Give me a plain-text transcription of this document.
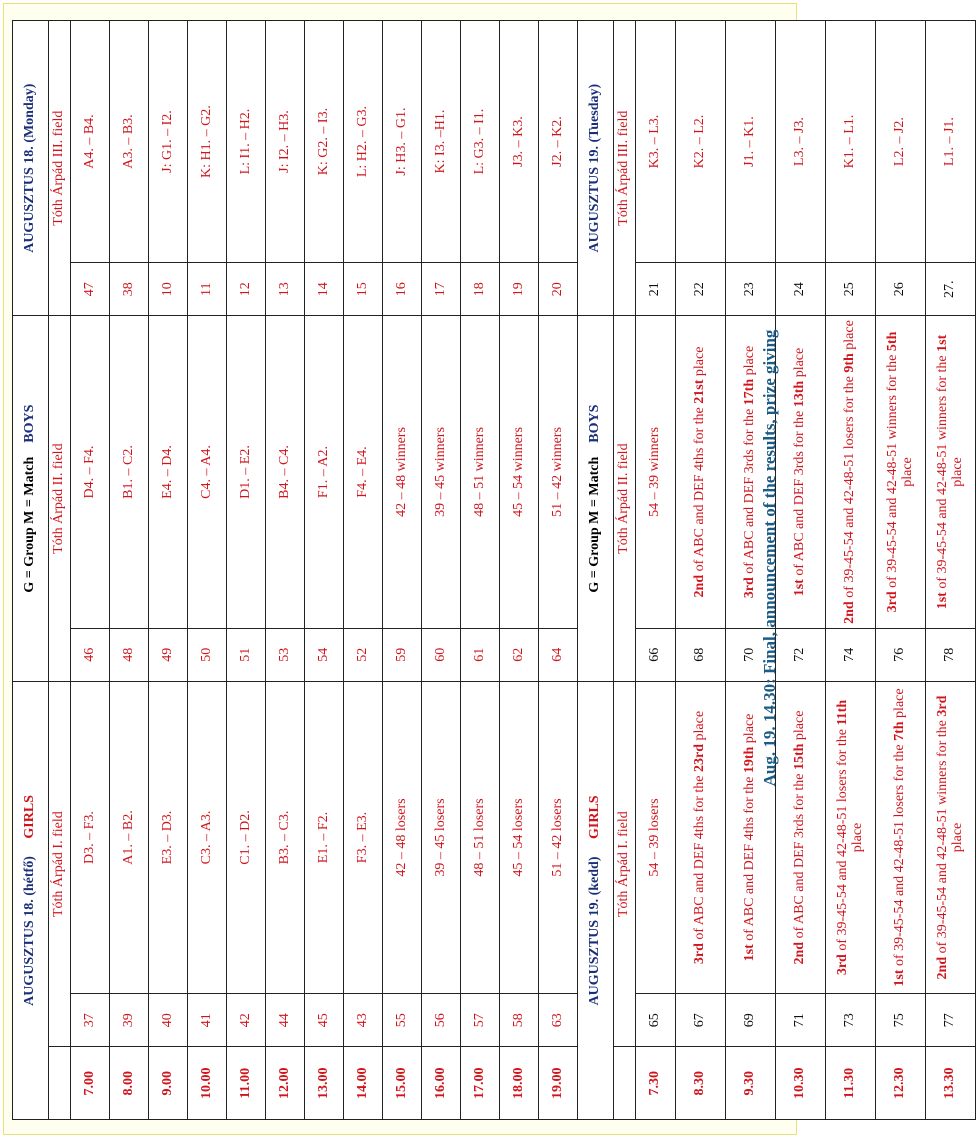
AUGUSZTUS 18. (hétfő)     GIRLS			G = Group M = Match    BOYS		AUGUSZTUS 18. (Monday)	
	Tóth Árpád I. field		Tóth Árpád II. field		Tóth Árpád III. field	
7.00	37	D3. – F3.	46	D4. – F4.	47	A4. – B4.
8.00	39	A1. – B2.	48	B1. – C2.	38	A3. – B3.
9.00	40	E3. – D3.	49	E4. – D4.	10	J: G1. – I2.
10.00	41	C3. – A3.	50	C4. – A4.	11	K: H1. – G2.
11.00	42	C1. – D2.	51	D1. – E2.	12	L: I1. – H2.
12.00	44	B3. – C3.	53	B4. – C4.	13	J: I2. – H3.
13.00	45	E1. – F2.	54	F1. – A2.	14	K: G2. – I3.
14.00	43	F3. – E3.	52	F4. – E4.	15	L: H2. – G3.
15.00	55	42 – 48 losers	59	42 – 48 winners	16	J: H3. – G1.
16.00	56	39 – 45 losers	60	39 – 45 winners	17	K: I3. –H1.
17.00	57	48 – 51 losers	61	48 – 51 winners	18	L: G3. – I1.
18.00	58	45 – 54 losers	62	45 – 54 winners	19	J3. – K3.
19.00	63	51 – 42 losers	64	51 – 42 winners	20	J2. – K2.
AUGUSZTUS 19. (kedd)     GIRLS			G = Group M = Match    BOYS		AUGUSZTUS 19. (Tuesday)	
	Tóth Árpád I. field		Tóth Árpád II. field		Tóth Árpád III. field	
7.30	65	54 – 39 losers	66	54 – 39 winners	21	K3. – L3.
8.30	67	3rd of ABC and DEF 4ths for the 23rd place	68	2nd of ABC and DEF 4ths for the 21st place	22	K2. – L2.
9.30	69	1st of ABC and DEF 4ths for the 19th place	70	3rd of ABC and DEF 3rds for the 17th place	23	J1. – K1.
10.30	71	2nd of ABC and DEF 3rds for the 15th place	72	1st of ABC and DEF 3rds for the 13th place	24	L3. – J3.
11.30	73	3rd of 39-45-54 and 42-48-51 losers for the 11th place	74	2nd of 39-45-54 and 42-48-51 losers for the 9th place	25	K1. – L1.
12.30	75	1st of 39-45-54 and 42-48-51 losers for the 7th place	76	3rd of 39-45-54 and 42-48-51 winners for the 5th place	26	L2. – J2.
13.30	77	2nd of 39-45-54 and 42-48-51 winners for the 3rd place	78	1st of 39-45-54 and 42-48-51 winners for the 1st place	27.	L1. – J1.
Aug. 19. 14.30: Final, announcement of the results, prize giving
